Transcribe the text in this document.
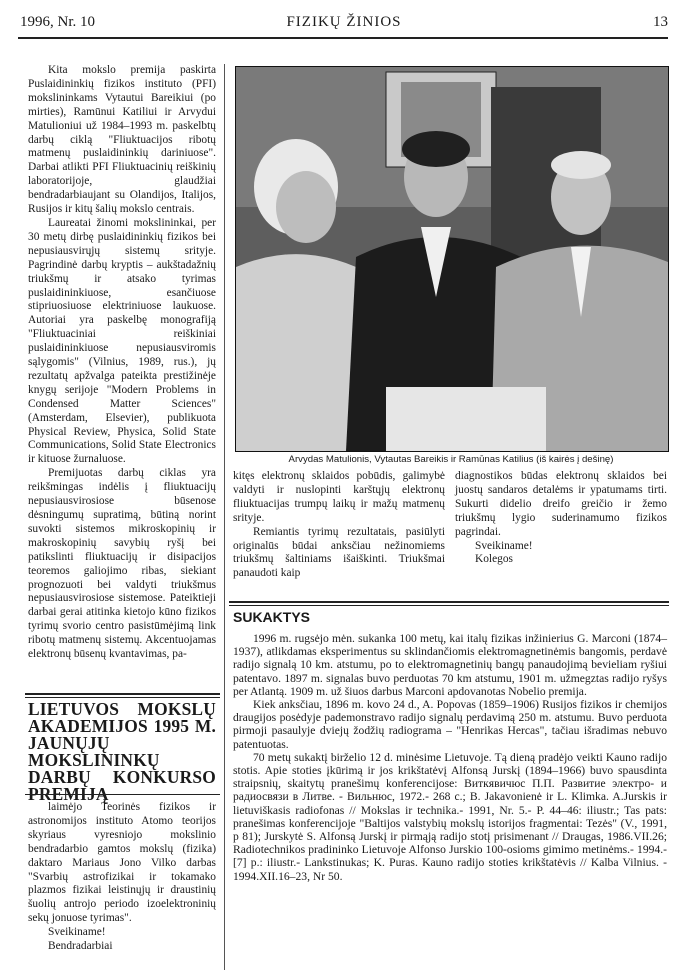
1996, Nr. 10	FIZIKŲ ŽINIOS	13

Kita mokslo premija paskirta Puslaidininkių fizikos instituto (PFI) mokslininkams Vytautui Bareikiui (po mirties), Ramūnui Katiliui ir Arvydui Matulioniui už 1984–1993 m. paskelbtų darbų ciklą "Fliuktuacijos ribotų matmenų puslaidininkių dariniuose". Darbai atlikti PFI Fliuktuacinių reiškinių laboratorijoje, glaudžiai bendradarbiaujant su Olandijos, Italijos, Rusijos ir kitų šalių mokslo centrais.

Laureatai žinomi mokslininkai, per 30 metų dirbę puslaidininkių fizikos bei nepusiausvirųjų sistemų srityje. Pagrindinė darbų kryptis – aukštadažnių triukšmų ir atsako tyrimas puslaidininkiuose, esančiuose stipriuosiuose elektriniuose laukuose. Autoriai yra paskelbę monografiją "Fliuktuaciniai reiškiniai puslaidininkiuose nepusiausviromis sąlygomis" (Vilnius, 1989, rus.), jų rezultatų apžvalga pateikta prestižinėje knygų serijoje "Modern Problems in Condensed Matter Sciences" (Amsterdam, Elsevier), publikuota Physical Review, Physica, Solid State Communications, Solid State Electronics ir kituose žurnaluose.

Premijuotas darbų ciklas yra reikšmingas indėlis į fliuktuacijų nepusiausvirosiose būsenose dėsningumų supratimą, būtiną norint suvokti sistemos mikroskopinių ir makroskopinių savybių ryšį bei patikslinti fliuktuacijų ir disipacijos teoremos galiojimo ribas, siekiant prognozuoti bei valdyti triukšmus nepusiausvirosiose sistemose. Pateiktieji darbai gerai atitinka kietojo kūno fizikos tyrimų svorio centro pasistūmėjimą link ribotų matmenų sistemų. Akcentuojamas elektronų būsenų kvantavimas, pa-

Arvydas Matulionis, Vytautas Bareikis ir Ramūnas Katilius (iš kairės į dešinę)

kitęs elektronų sklaidos pobūdis, galimybė valdyti ir nuslopinti karštųjų elektronų fliuktuacijas trumpų laikų ir mažų matmenų srityje.

Remiantis tyrimų rezultatais, pasiūlyti originalūs būdai anksčiau nežinomiems triukšmų šaltiniams išaiškinti. Triukšmai panaudoti kaip

diagnostikos būdas elektronų sklaidos bei juostų sandaros detalėms ir ypatumams tirti. Sukurti didelio dreifo greičio ir žemo triukšmų lygio suderinamumo fizikos pagrindai.

Sveikiname!

Kolegos

LIETUVOS MOKSLŲ
AKADEMIJOS 1995 M.
JAUNŲJŲ MOKSLININKŲ
DARBŲ KONKURSO
PREMIJĄ

laimėjo Teorinės fizikos ir astronomijos instituto Atomo teorijos skyriaus vyresniojo mokslinio bendradarbio gamtos mokslų (fizika) daktaro Mariaus Jono Vilko darbas "Svarbių astrofizikai ir tokamako plazmos fizikai leistinųjų ir draustinių šuolių antrojo periodo izoelektroninių sekų jonuose tyrimas".

Sveikiname!

Bendradarbiai

SUKAKTYS

1996 m. rugsėjo mėn. sukanka 100 metų, kai italų fizikas inžinierius G. Marconi (1874–1937), atlikdamas eksperimentus su sklindančiomis elektromagnetinėmis bangomis, perdavė radijo signalą 10 km. atstumu, po to elektromagnetinių bangų panaudojimą bevieliam ryšiui patentavo. 1897 m. signalas buvo perduotas 70 km atstumu, 1901 m. užmegztas radijo ryšys per Atlantą. 1909 m. už šiuos darbus Marconi apdovanotas Nobelio premija.

Kiek anksčiau, 1896 m. kovo 24 d., A. Popovas (1859–1906) Rusijos fizikos ir chemijos draugijos posėdyje pademonstravo radijo signalų perdavimą 250 m. atstumu. Buvo perduota pirmoji pasaulyje dviejų žodžių radiograma – "Henrikas Hercas", tačiau išradimas nebuvo patentuotas.

70 metų sukaktį birželio 12 d. minėsime Lietuvoje. Tą dieną pradėjo veikti Kauno radijo stotis. Apie stoties įkūrimą ir jos krikštatėvį Alfonsą Jurskį (1894–1966) buvo spausdinta straipsnių, skaitytų pranešimų konferencijose: Виткявичюс П.П. Развитие электро- и радиосвязи в Литве. - Вильнюс, 1972.- 268 с.; B. Jakavonienė ir L. Klimka. A.Jurskis ir lietuviškasis radiofonas // Mokslas ir technika.- 1991, Nr. 5.- P. 44–46: iliustr.; Tas pats: pranešimas konferencijoje "Baltijos valstybių mokslų istorijos fragmentai: Tezės" (V., 1991, p 81); Jurskytė S. Alfonsą Jurskį ir pirmąją radijo stotį prisimenant // Draugas, 1986.VII.26; Radiotechnikos pradininko Lietuvoje Alfonso Jurskio 100-osioms gimimo metinėms.- 1994.- [7] p.: iliustr.- Lankstinukas; K. Puras. Kauno radijo stoties krikštatėvis // Kalba Vilnius. - 1994.XII.16–23, Nr 50.
